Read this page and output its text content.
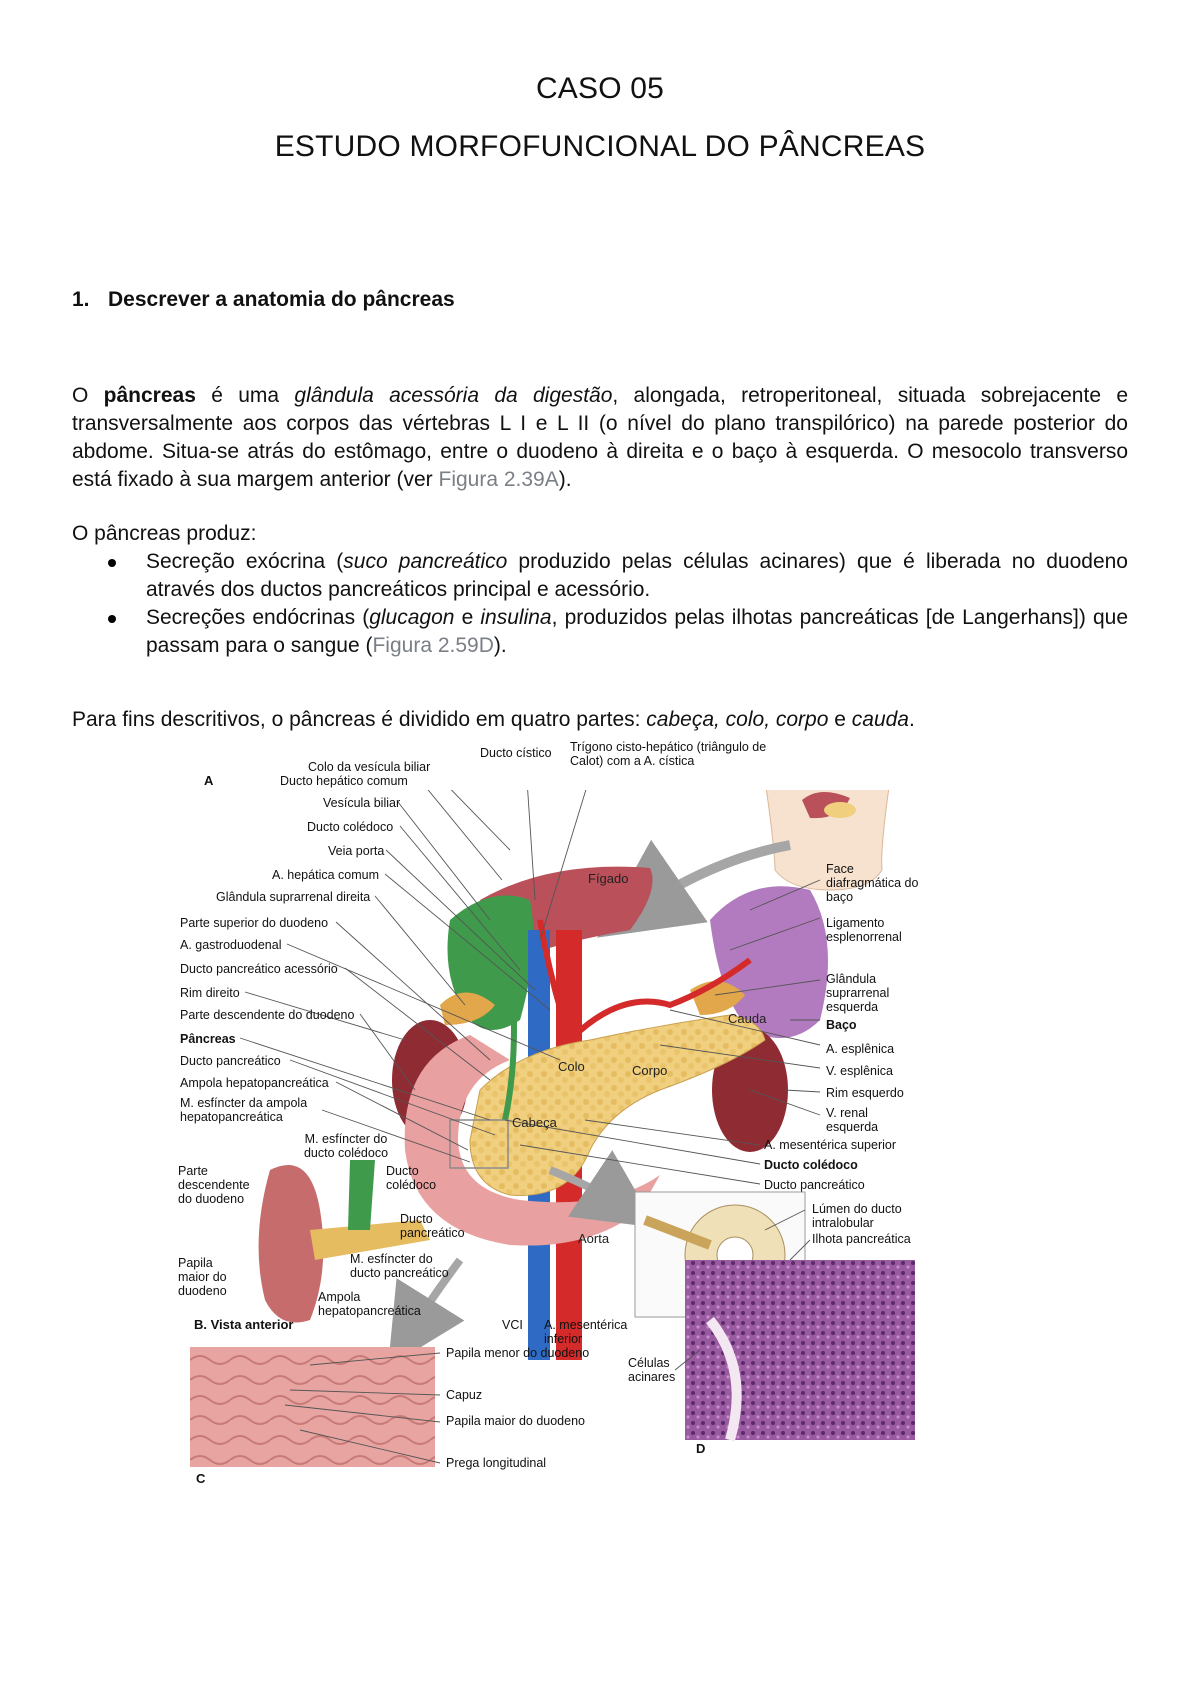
CASO 05
ESTUDO MORFOFUNCIONAL DO PÂNCREAS
1. Descrever a anatomia do pâncreas
O pâncreas é uma glândula acessória da digestão, alongada, retroperitoneal, situada sobrejacente e transversalmente aos corpos das vértebras L I e L II (o nível do plano transpilórico) na parede posterior do abdome. Situa-se atrás do estômago, entre o duodeno à direita e o baço à esquerda. O mesocolo transverso está fixado à sua margem anterior (ver Figura 2.39A).
O pâncreas produz:
Secreção exócrina (suco pancreático produzido pelas células acinares) que é liberada no duodeno através dos ductos pancreáticos principal e acessório.
Secreções endócrinas (glucagon e insulina, produzidos pelas ilhotas pancreáticas [de Langerhans]) que passam para o sangue (Figura 2.59D).
Para fins descritivos, o pâncreas é dividido em quatro partes: cabeça, colo, corpo e cauda.
A
B. Vista anterior
C
D
Colo da vesícula biliar
Ducto hepático comum
Vesícula biliar
Ducto colédoco
Veia porta
A. hepática comum
Glândula suprarrenal direita
Parte superior do duodeno
A. gastroduodenal
Ducto pancreático acessório
Rim direito
Parte descendente do duodeno
Pâncreas
Ducto pancreático
Ampola hepatopancreática
M. esfíncter da ampola hepatopancreática
Ducto cístico Trígono cisto-hepático (triângulo de Calot) com a A. cística
Face diafragmática do baço
Ligamento esplenorrenal
Glândula suprarrenal esquerda
Baço
A. esplênica
V. esplênica
Rim esquerdo
V. renal esquerda
A. mesentérica superior
Ducto colédoco
Ducto pancreático
Lúmen do ducto intralobular
Ilhota pancreática
Fígado
Cauda
Colo	Corpo
Cabeça
Aorta
M. esfíncter do ducto colédoco
Ducto colédoco
Parte descendente do duodeno
Ducto pancreático
Papila maior do duodeno
M. esfíncter do ducto pancreático
Ampola hepatopancreática
VCI A. mesentérica inferior
Células acinares
Papila menor do duodeno
Capuz
Papila maior do duodeno
Prega longitudinal
